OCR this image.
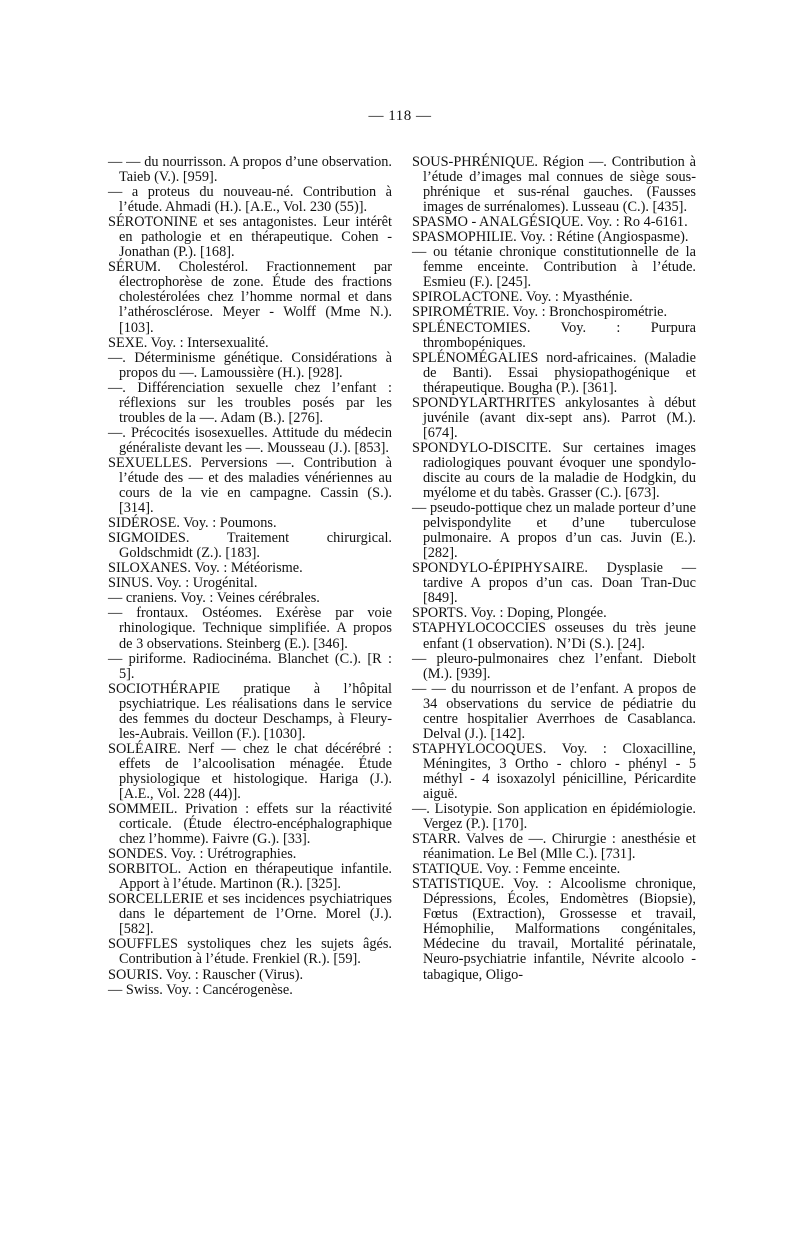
— 118 —

— — du nourrisson. A propos d’une observation. Taieb (V.). [959].

— a proteus du nouveau-né. Contribution à l’étude. Ahmadi (H.). [A.E., Vol. 230 (55)].

SÉROTONINE et ses antagonistes. Leur intérêt en pathologie et en thérapeutique. Cohen - Jonathan (P.). [168].

SÉRUM. Cholestérol. Fractionnement par électrophorèse de zone. Étude des fractions cholestérolées chez l’homme normal et dans l’athérosclérose. Meyer - Wolff (Mme N.). [103].

SEXE. Voy. : Intersexualité.

—. Déterminisme génétique. Considérations à propos du —. Lamoussière (H.). [928].

—. Différenciation sexuelle chez l’enfant : réflexions sur les troubles posés par les troubles de la —. Adam (B.). [276].

—. Précocités isosexuelles. Attitude du médecin généraliste devant les —. Mousseau (J.). [853].

SEXUELLES. Perversions —. Contribution à l’étude des — et des maladies vénériennes au cours de la vie en campagne. Cassin (S.). [314].

SIDÉROSE. Voy. : Poumons.

SIGMOIDES. Traitement chirurgical. Goldschmidt (Z.). [183].

SILOXANES. Voy. : Météorisme.

SINUS. Voy. : Urogénital.

— craniens. Voy. : Veines cérébrales.

— frontaux. Ostéomes. Exérèse par voie rhinologique. Technique simplifiée. A propos de 3 observations. Steinberg (E.). [346].

— piriforme. Radiocinéma. Blanchet (C.). [R : 5].

SOCIOTHÉRAPIE pratique à l’hôpital psychiatrique. Les réalisations dans le service des femmes du docteur Deschamps, à Fleury-les-Aubrais. Veillon (F.). [1030].

SOLÉAIRE. Nerf — chez le chat décérébré : effets de l’alcoolisation ménagée. Étude physiologique et histologique. Hariga (J.). [A.E., Vol. 228 (44)].

SOMMEIL. Privation : effets sur la réactivité corticale. (Étude électro-encéphalographique chez l’homme). Faivre (G.). [33].

SONDES. Voy. : Urétrographies.

SORBITOL. Action en thérapeutique infantile. Apport à l’étude. Martinon (R.). [325].

SORCELLERIE et ses incidences psychiatriques dans le département de l’Orne. Morel (J.). [582].

SOUFFLES systoliques chez les sujets âgés. Contribution à l’étude. Frenkiel (R.). [59].

SOURIS. Voy. : Rauscher (Virus).

— Swiss. Voy. : Cancérogenèse.

SOUS-PHRÉNIQUE. Région —. Contribution à l’étude d’images mal connues de siège sous-phrénique et sus-rénal gauches. (Fausses images de surrénalomes). Lusseau (C.). [435].

SPASMO - ANALGÉSIQUE. Voy. : Ro 4-6161.

SPASMOPHILIE. Voy. : Rétine (Angiospasme).

— ou tétanie chronique constitutionnelle de la femme enceinte. Contribution à l’étude. Esmieu (F.). [245].

SPIROLACTONE. Voy. : Myasthénie.

SPIROMÉTRIE. Voy. : Bronchospirométrie.

SPLÉNECTOMIES. Voy. : Purpura thrombopéniques.

SPLÉNOMÉGALIES nord-africaines. (Maladie de Banti). Essai physiopathogénique et thérapeutique. Bougha (P.). [361].

SPONDYLARTHRITES ankylosantes à début juvénile (avant dix-sept ans). Parrot (M.). [674].

SPONDYLO-DISCITE. Sur certaines images radiologiques pouvant évoquer une spondylo-discite au cours de la maladie de Hodgkin, du myélome et du tabès. Grasser (C.). [673].

— pseudo-pottique chez un malade porteur d’une pelvispondylite et d’une tuberculose pulmonaire. A propos d’un cas. Juvin (E.). [282].

SPONDYLO-ÉPIPHYSAIRE. Dysplasie — tardive A propos d’un cas. Doan Tran-Duc [849].

SPORTS. Voy. : Doping, Plongée.

STAPHYLOCOCCIES osseuses du très jeune enfant (1 observation). N’Di (S.). [24].

— pleuro-pulmonaires chez l’enfant. Diebolt (M.). [939].

— — du nourrisson et de l’enfant. A propos de 34 observations du service de pédiatrie du centre hospitalier Averrhoes de Casablanca. Delval (J.). [142].

STAPHYLOCOQUES. Voy. : Cloxacilline, Méningites, 3 Ortho - chloro - phényl - 5 méthyl - 4 isoxazolyl pénicilline, Péricardite aiguë.

—. Lisotypie. Son application en épidémiologie. Vergez (P.). [170].

STARR. Valves de —. Chirurgie : anesthésie et réanimation. Le Bel (Mlle C.). [731].

STATIQUE. Voy. : Femme enceinte.

STATISTIQUE. Voy. : Alcoolisme chronique, Dépressions, Écoles, Endomètres (Biopsie), Fœtus (Extraction), Grossesse et travail, Hémophilie, Malformations congénitales, Médecine du travail, Mortalité périnatale, Neuro-psychiatrie infantile, Névrite alcoolo - tabagique, Oligo-
